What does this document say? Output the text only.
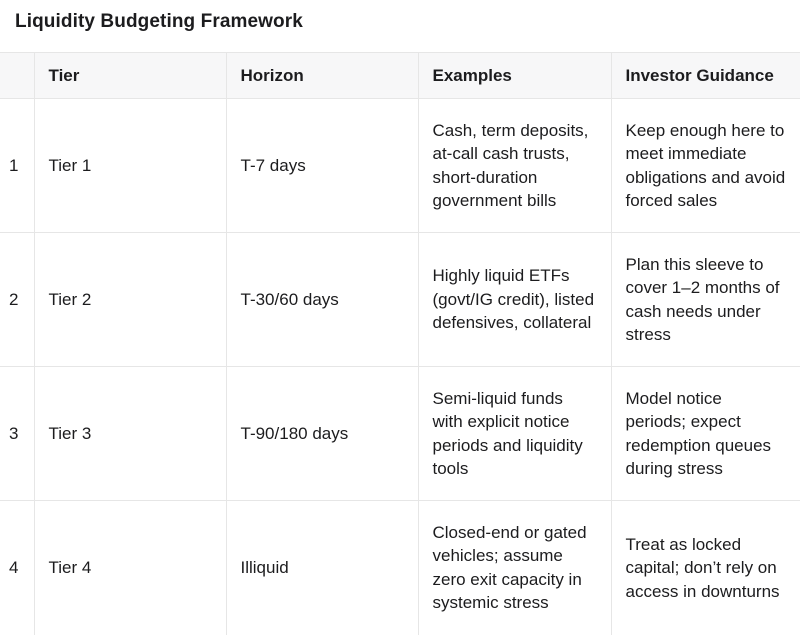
Liquidity Budgeting Framework
	Tier	Horizon	Examples	Investor Guidance
1	Tier 1	T-7 days	Cash, term deposits, at-call cash trusts, short-duration government bills	Keep enough here to meet immediate obligations and avoid forced sales
2	Tier 2	T-30/60 days	Highly liquid ETFs (govt/IG credit), listed defensives, collateral	Plan this sleeve to cover 1–2 months of cash needs under stress
3	Tier 3	T-90/180 days	Semi-liquid funds with explicit notice periods and liquidity tools	Model notice periods; expect redemption queues during stress
4	Tier 4	Illiquid	Closed-end or gated vehicles; assume zero exit capacity in systemic stress	Treat as locked capital; don’t rely on access in downturns
